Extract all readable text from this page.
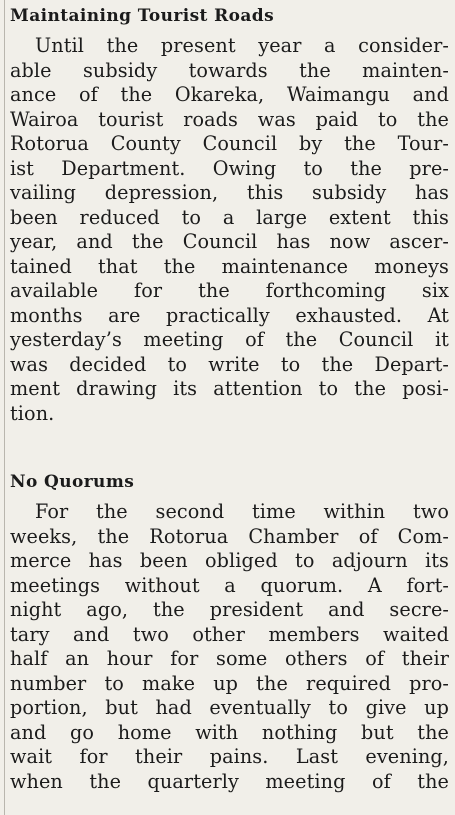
Maintaining Tourist Roads
Until the present year a consider-
able subsidy towards the mainten-
ance of the Okareka, Waimangu and
Wairoa tourist roads was paid to the
Rotorua County Council by the Tour-
ist Department. Owing to the pre-
vailing depression, this subsidy has
been reduced to a large extent this
year, and the Council has now ascer-
tained that the maintenance moneys
available for the forthcoming six
months are practically exhausted. At
yesterday’s meeting of the Council it
was decided to write to the Depart-
ment drawing its attention to the posi-
tion.
No Quorums
For the second time within two
weeks, the Rotorua Chamber of Com-
merce has been obliged to adjourn its
meetings without a quorum. A fort-
night ago, the president and secre-
tary and two other members waited
half an hour for some others of their
number to make up the required pro-
portion, but had eventually to give up
and go home with nothing but the
wait for their pains. Last evening,
when the quarterly meeting of the
